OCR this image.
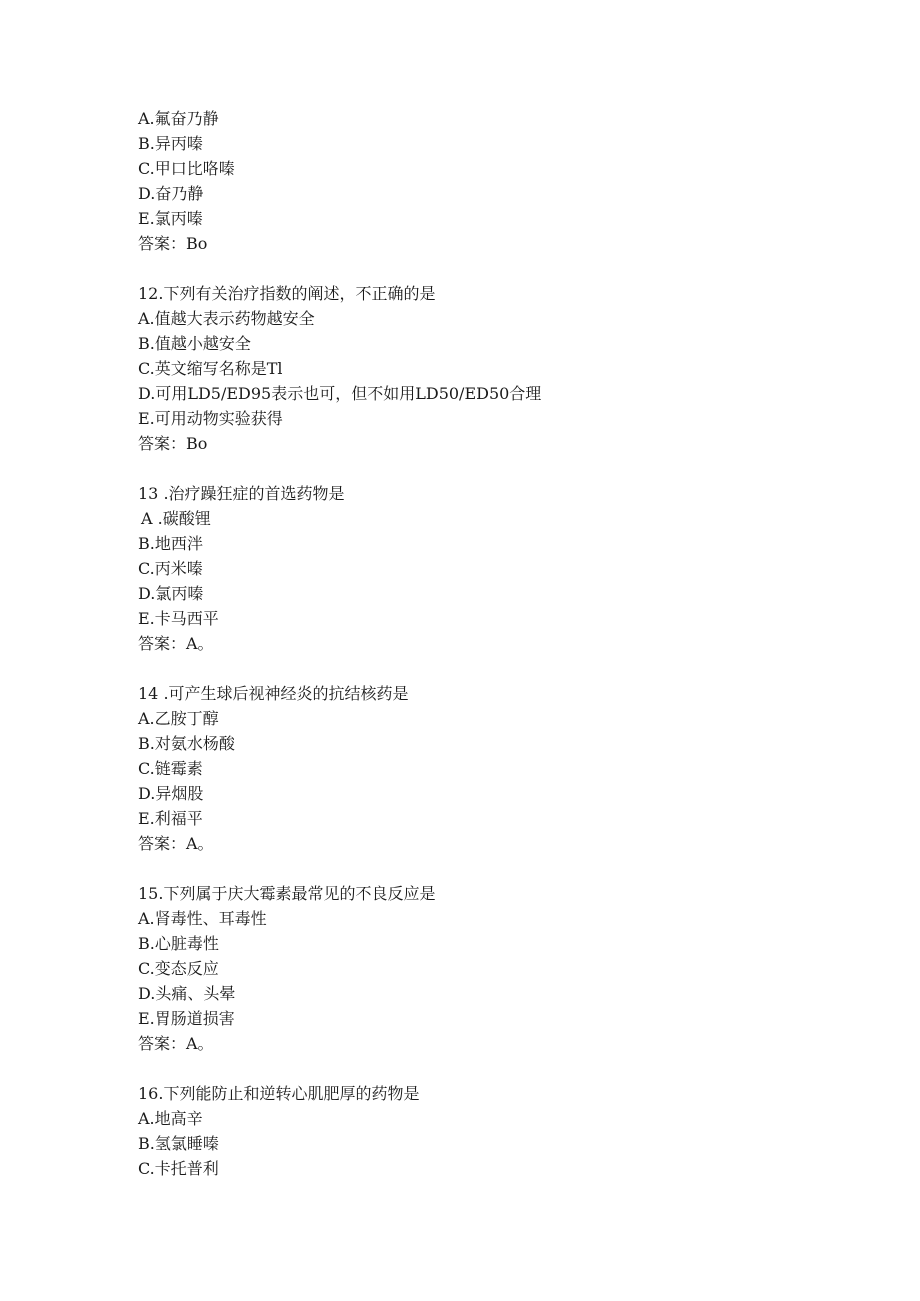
A.氟奋乃静
B.异丙嗪
C.甲口比咯嗪
D.奋乃静
E.氯丙嗪
答案：Bo
12.下列有关治疗指数的阐述，不正确的是
A.值越大表示药物越安全
B.值越小越安全
C.英文缩写名称是Tl
D.可用LD5/ED95表示也可，但不如用LD50/ED50合理
E.可用动物实验获得
答案：Bo
13 .治疗躁狂症的首选药物是
A .碳酸锂
B.地西泮
C.丙米嗪
D.氯丙嗪
E.卡马西平
答案：A。
14 .可产生球后视神经炎的抗结核药是
A.乙胺丁醇
B.对氨水杨酸
C.链霉素
D.异烟股
E.利福平
答案：A。
15.下列属于庆大霉素最常见的不良反应是
A.肾毒性、耳毒性
B.心脏毒性
C.变态反应
D.头痛、头晕
E.胃肠道损害
答案：A。
16.下列能防止和逆转心肌肥厚的药物是
A.地高辛
B.氢氯睡嗪
C.卡托普利
